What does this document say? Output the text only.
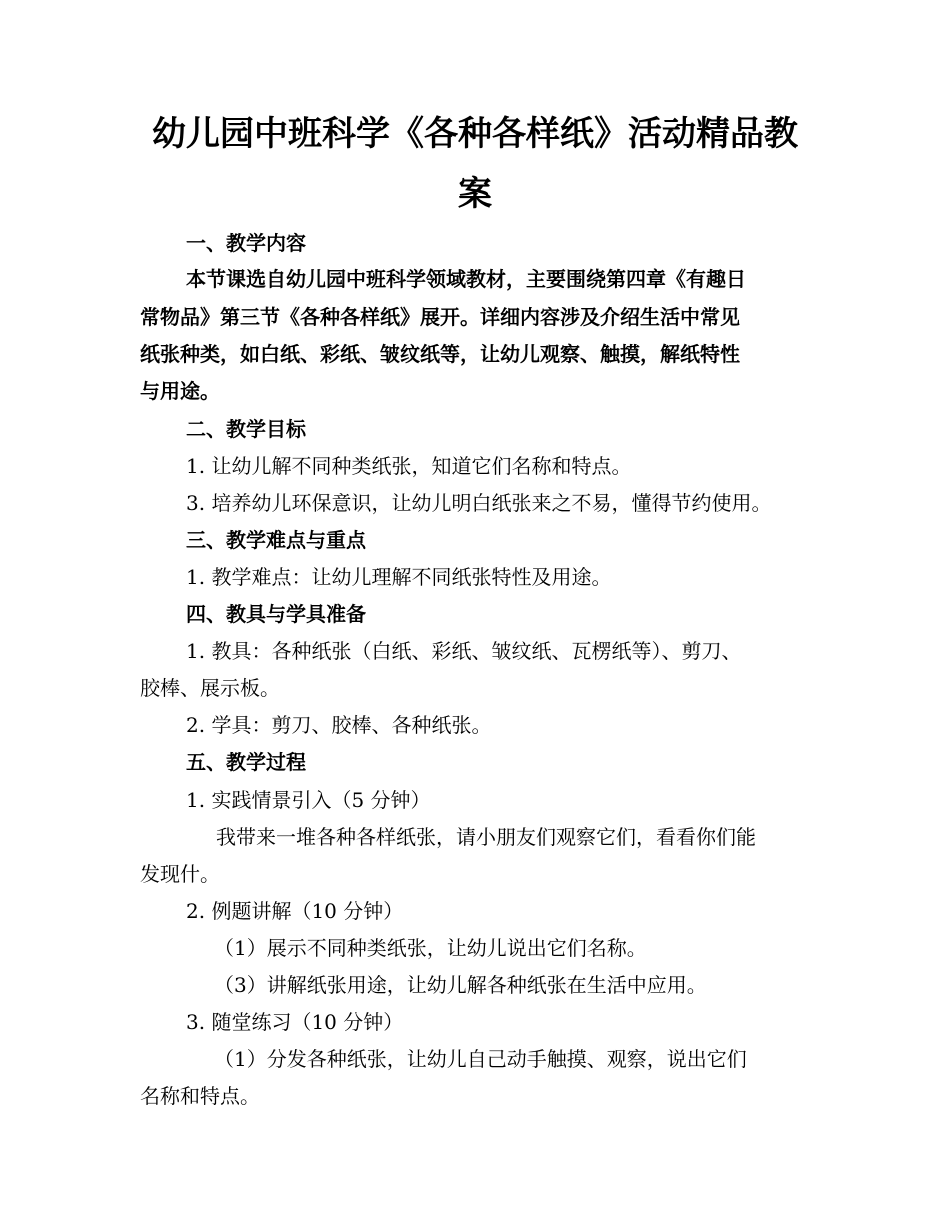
幼儿园中班科学《各种各样纸》活动精品教
案

一、教学内容

本节课选自幼儿园中班科学领域教材，主要围绕第四章《有趣日

常物品》第三节《各种各样纸》展开。详细内容涉及介绍生活中常见

纸张种类，如白纸、彩纸、皱纹纸等，让幼儿观察、触摸，解纸特性

与用途。

二、教学目标

1. 让幼儿解不同种类纸张，知道它们名称和特点。

3. 培养幼儿环保意识，让幼儿明白纸张来之不易，懂得节约使用。

三、教学难点与重点

1. 教学难点：让幼儿理解不同纸张特性及用途。

四、教具与学具准备

1. 教具：各种纸张（白纸、彩纸、皱纹纸、瓦楞纸等）、剪刀、

胶棒、展示板。

2. 学具：剪刀、胶棒、各种纸张。

五、教学过程

1. 实践情景引入（5 分钟）

我带来一堆各种各样纸张，请小朋友们观察它们，看看你们能

发现什。

2. 例题讲解（10 分钟）

（1）展示不同种类纸张，让幼儿说出它们名称。

（3）讲解纸张用途，让幼儿解各种纸张在生活中应用。

3. 随堂练习（10 分钟）

（1）分发各种纸张，让幼儿自己动手触摸、观察，说出它们

名称和特点。
